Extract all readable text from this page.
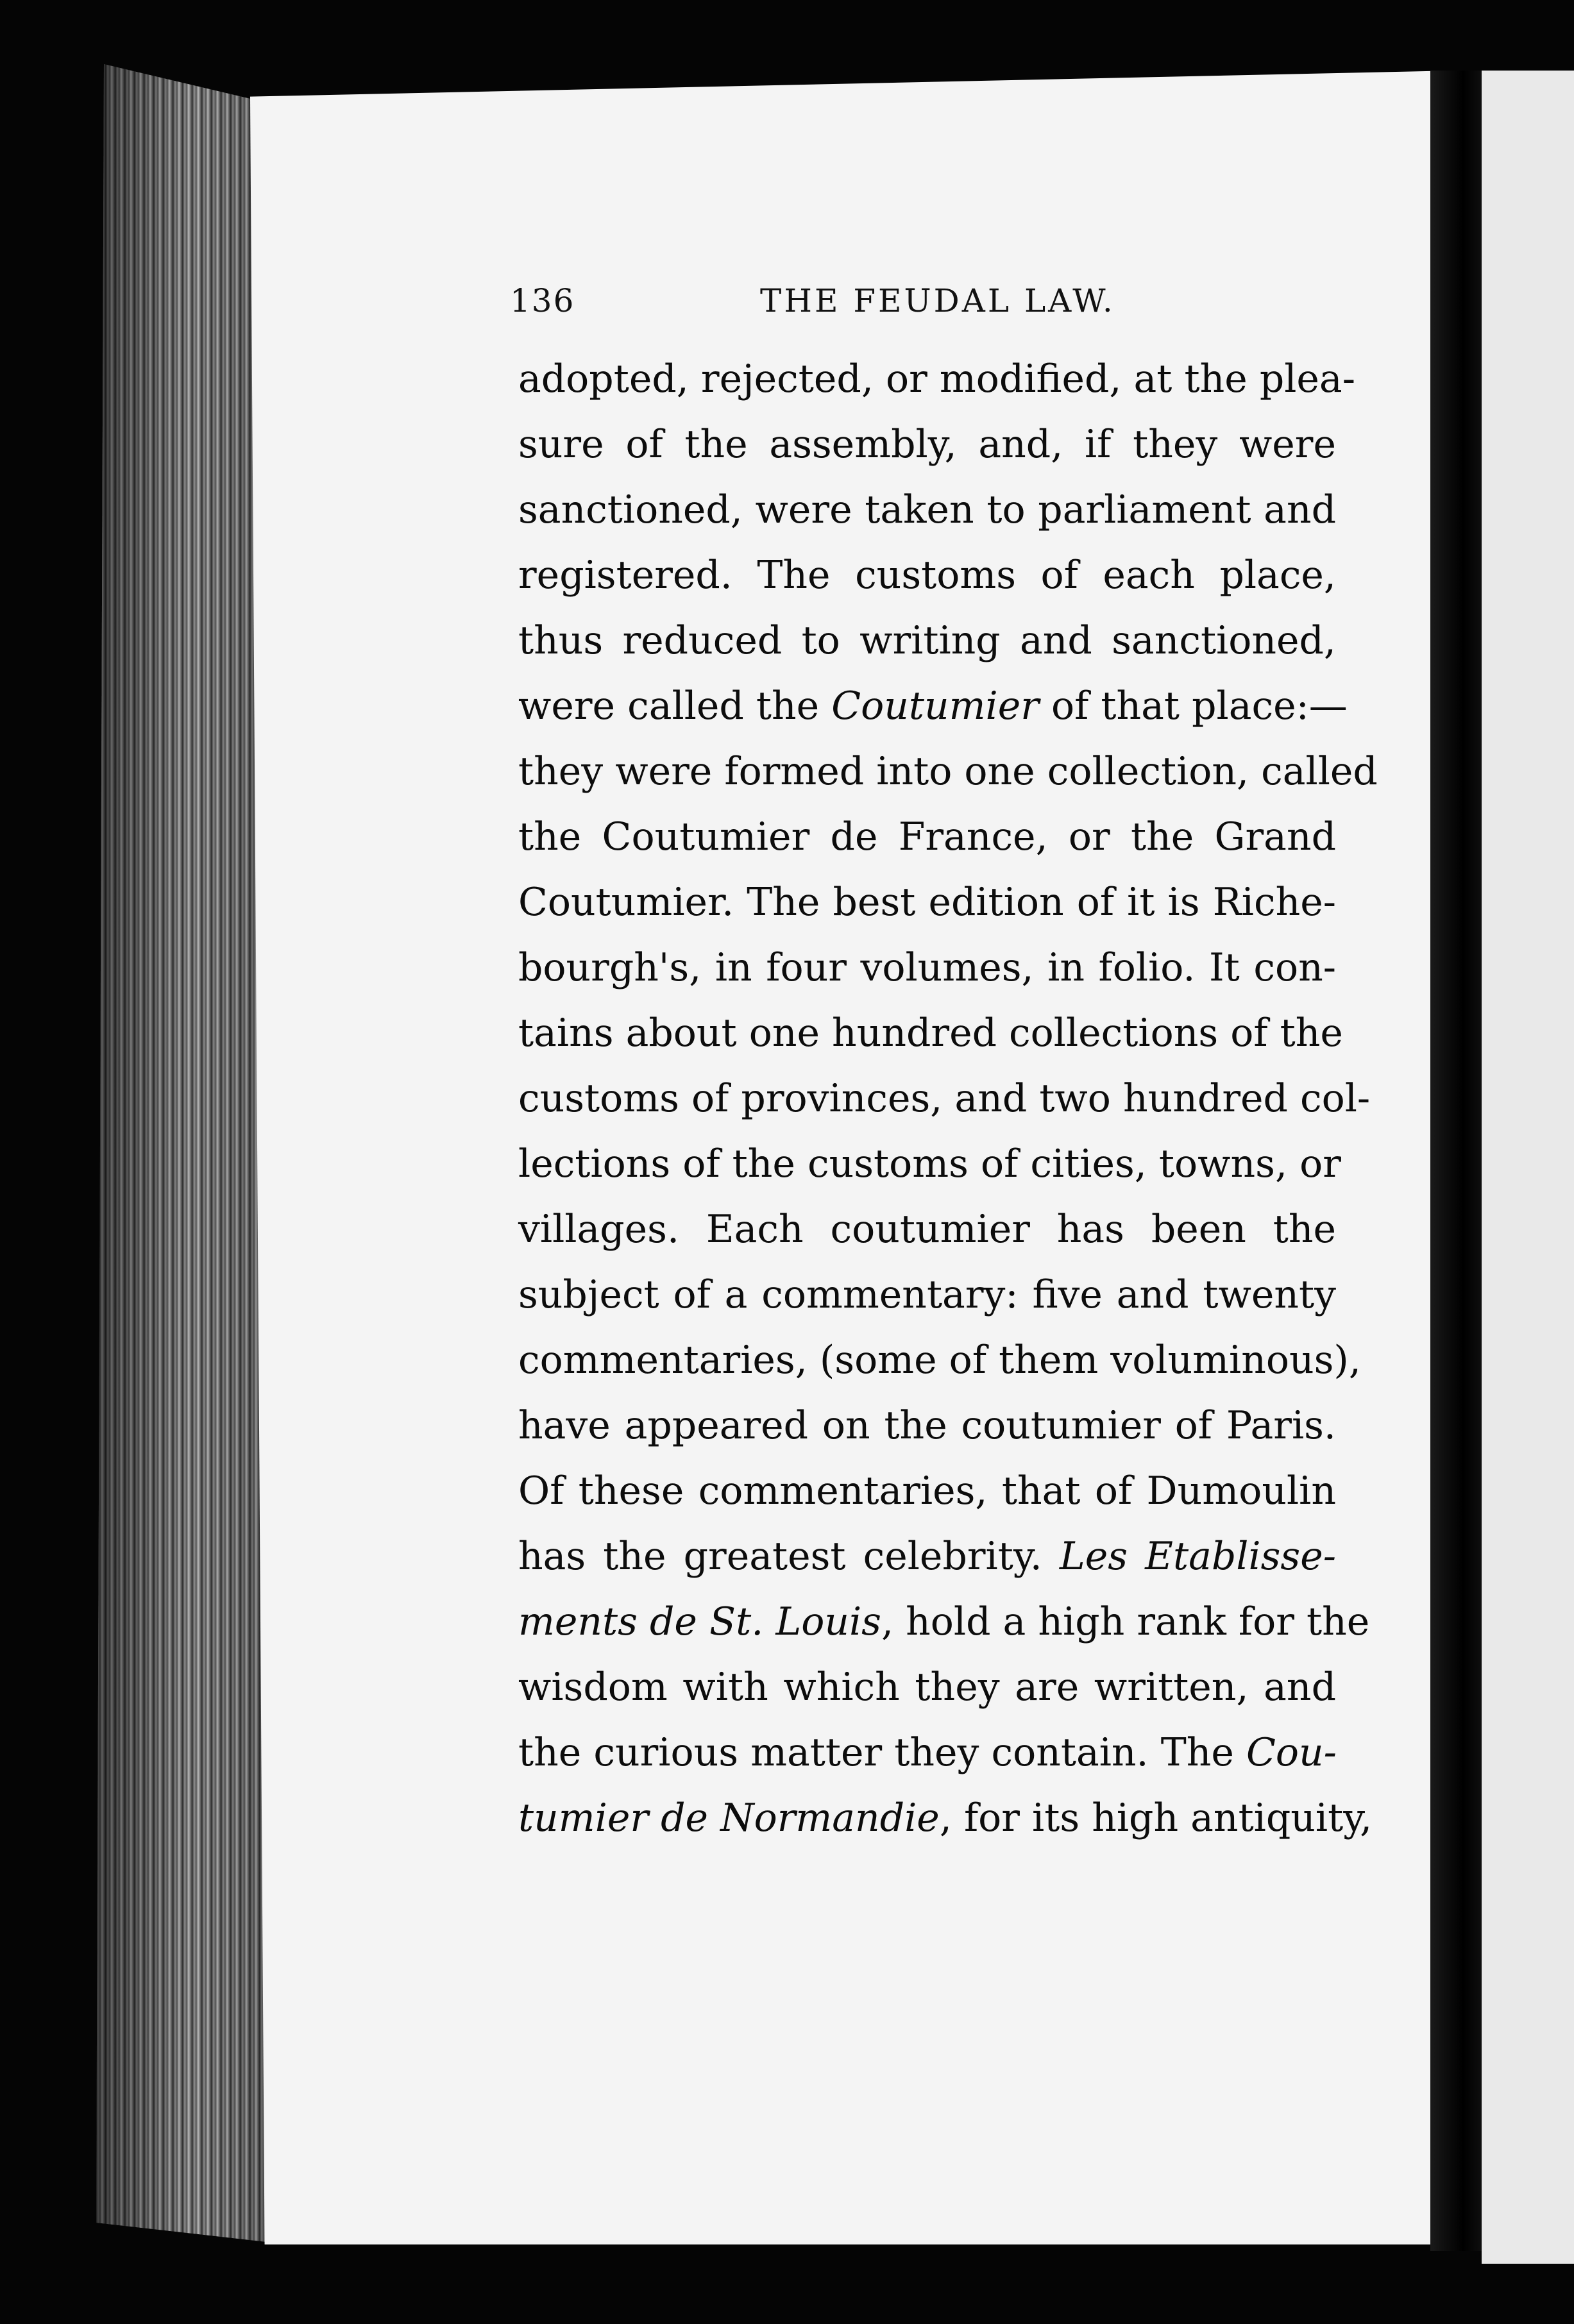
136	THE FEUDAL LAW.
adopted, rejected, or modified, at the plea-
sure of the assembly, and, if they were
sanctioned, were taken to parliament and
registered. The customs of each place,
thus reduced to writing and sanctioned,
were called the Coutumier of that place:—
they were formed into one collection, called
the Coutumier de France, or the Grand
Coutumier. The best edition of it is Riche-
bourgh's, in four volumes, in folio. It con-
tains about one hundred collections of the
customs of provinces, and two hundred col-
lections of the customs of cities, towns, or
villages. Each coutumier has been the
subject of a commentary: five and twenty
commentaries, (some of them voluminous),
have appeared on the coutumier of Paris.
Of these commentaries, that of Dumoulin
has the greatest celebrity. Les Etablisse-
ments de St. Louis, hold a high rank for the
wisdom with which they are written, and
the curious matter they contain. The Cou-
tumier de Normandie, for its high antiquity,
